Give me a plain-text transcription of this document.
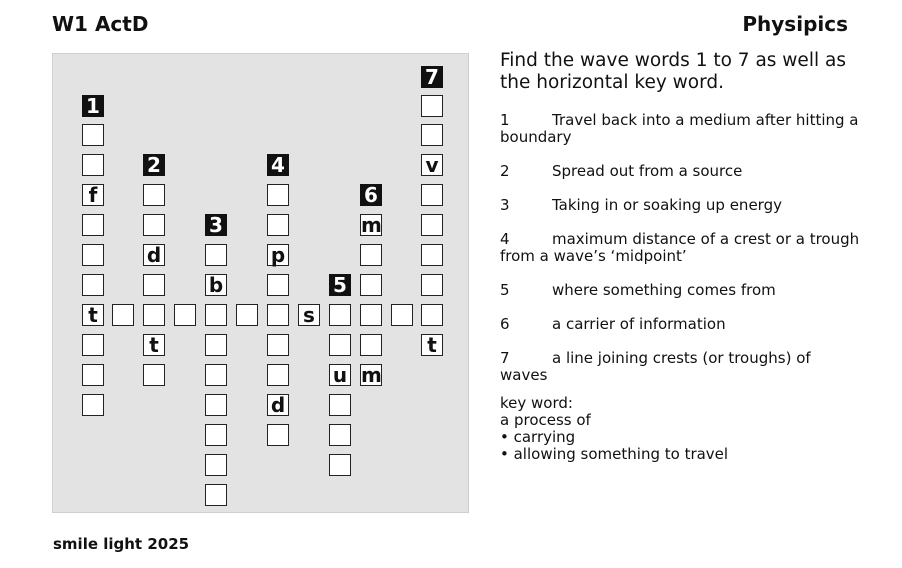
W1 ActD	Physipics
1
f
t
2
d
t
3
b
4
p
d
5
u
6
m
m
v
t
7
s
Find the wave words 1 to 7 as well as the horizontal key word.
1	Travel back into a medium after hitting a boundary
2	Spread out from a source
3	Taking in or soaking up energy
4	maximum distance of a crest or a trough from a wave’s ‘midpoint’
5	where something comes from
6	a carrier of information
7	a line joining crests (or troughs) of waves
key word:
a process of
• carrying
• allowing something to travel
smile light 2025
